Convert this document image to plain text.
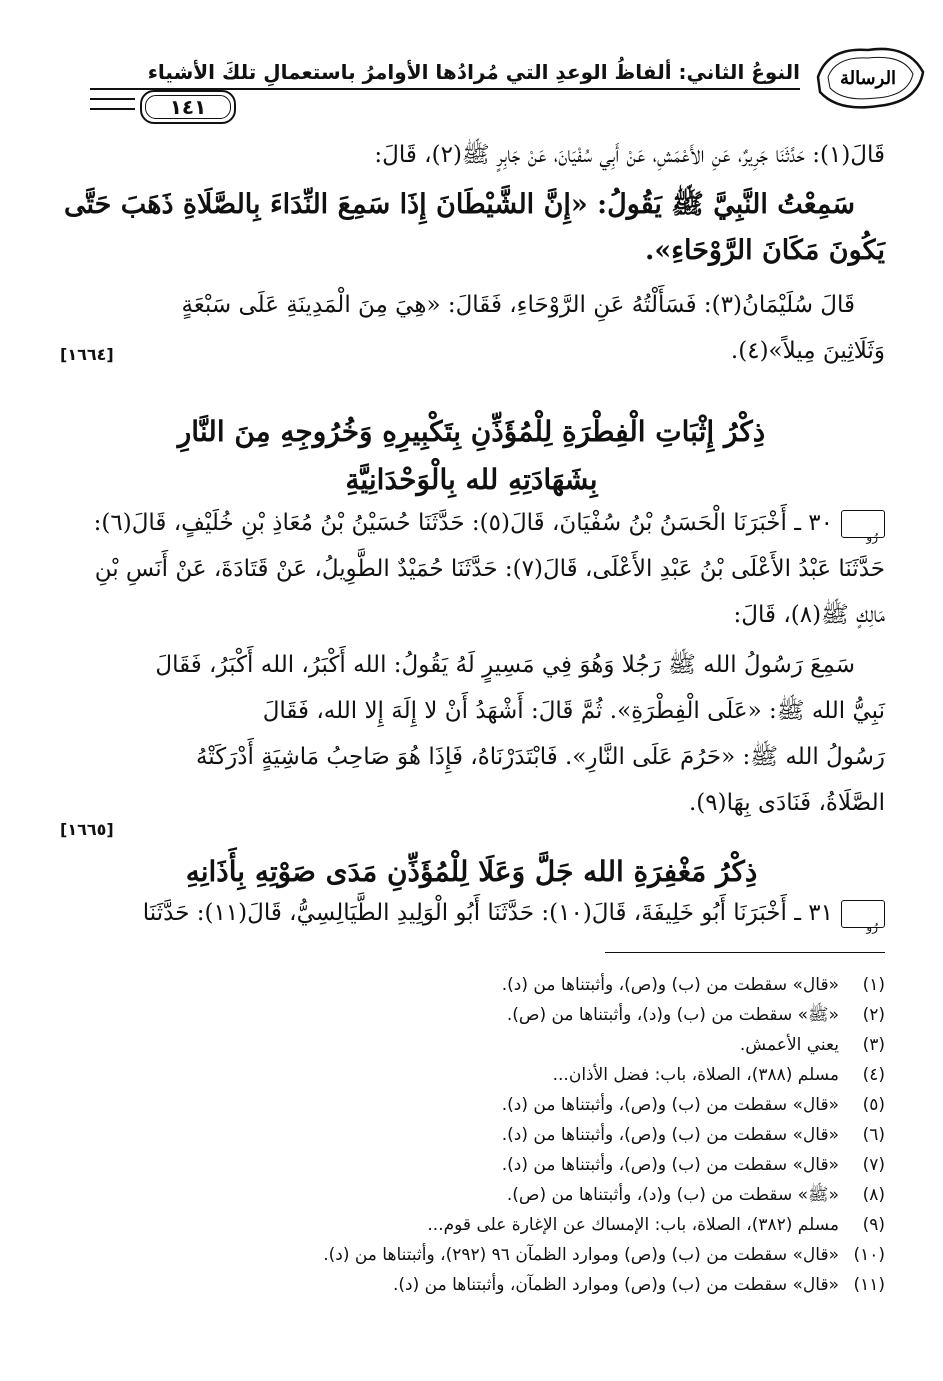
الرسالة
النوعُ الثاني: ألفاظُ الوعدِ التي مُرادُها الأوامرُ باستعمالِ تلكَ الأشياء
١٤١
قَالَ(١): حَدَّثَنَا جَرِيرٌ، عَنِ الأَعْمَشِ، عَنْ أَبِي سُفْيَانَ، عَنْ جَابِرٍ ﷺ(٢)، قَالَ:
سَمِعْتُ النَّبِيَّ ﷺ يَقُولُ: «إِنَّ الشَّيْطَانَ إِذَا سَمِعَ النِّدَاءَ بِالصَّلَاةِ ذَهَبَ حَتَّى
يَكُونَ مَكَانَ الرَّوْحَاءِ».
قَالَ سُلَيْمَانُ(٣): فَسَأَلْتُهُ عَنِ الرَّوْحَاءِ، فَقَالَ: «هِيَ مِنَ الْمَدِينَةِ عَلَى سَبْعَةٍ
وَثَلَاثِينَ مِيلاً»(٤).
[١٦٦٤]
ذِكْرُ إِثْبَاتِ الْفِطْرَةِ لِلْمُؤَذِّنِ بِتَكْبِيرِهِ وَخُرُوجِهِ مِنَ النَّارِ
بِشَهَادَتِهِ لله بِالْوَحْدَانِيَّةِ
رُو
٣٠ ـ أَخْبَرَنَا الْحَسَنُ بْنُ سُفْيَانَ، قَالَ(٥): حَدَّثَنَا حُسَيْنُ بْنُ مُعَاذِ بْنِ خُلَيْفٍ، قَالَ(٦):
حَدَّثَنَا عَبْدُ الأَعْلَى بْنُ عَبْدِ الأَعْلَى، قَالَ(٧): حَدَّثَنَا حُمَيْدٌ الطَّوِيلُ، عَنْ قَتَادَةَ، عَنْ أَنَسِ بْنِ
مَالِكٍ ﷺ(٨)، قَالَ:
سَمِعَ رَسُولُ الله ﷺ رَجُلا وَهُوَ فِي مَسِيرٍ لَهُ يَقُولُ: الله أَكْبَرُ، الله أَكْبَرُ، فَقَالَ
نَبِيُّ الله ﷺ: «عَلَى الْفِطْرَةِ». ثُمَّ قَالَ: أَشْهَدُ أَنْ لا إِلَهَ إِلا الله، فَقَالَ
رَسُولُ الله ﷺ: «حَرُمَ عَلَى النَّارِ». فَابْتَدَرْنَاهُ، فَإِذَا هُوَ صَاحِبُ مَاشِيَةٍ أَدْرَكَتْهُ
الصَّلَاةُ، فَنَادَى بِهَا(٩).
[١٦٦٥]
ذِكْرُ مَغْفِرَةِ الله جَلَّ وَعَلَا لِلْمُؤَذِّنِ مَدَى صَوْتِهِ بِأَذَانِهِ
رُو
٣١ ـ أَخْبَرَنَا أَبُو خَلِيفَةَ، قَالَ(١٠): حَدَّثَنَا أَبُو الْوَلِيدِ الطَّيَالِسِيُّ، قَالَ(١١): حَدَّثَنَا
(١)«قال» سقطت من (ب) و(ص)، وأثبتناها من (د).
(٢)«ﷺ» سقطت من (ب) و(د)، وأثبتناها من (ص).
(٣)يعني الأعمش.
(٤)مسلم (٣٨٨)، الصلاة، باب: فضل الأذان...
(٥)«قال» سقطت من (ب) و(ص)، وأثبتناها من (د).
(٦)«قال» سقطت من (ب) و(ص)، وأثبتناها من (د).
(٧)«قال» سقطت من (ب) و(ص)، وأثبتناها من (د).
(٨)«ﷺ» سقطت من (ب) و(د)، وأثبتناها من (ص).
(٩)مسلم (٣٨٢)، الصلاة، باب: الإمساك عن الإغارة على قوم...
(١٠)«قال» سقطت من (ب) و(ص) وموارد الظمآن ٩٦ (٢٩٢)، وأثبتناها من (د).
(١١)«قال» سقطت من (ب) و(ص) وموارد الظمآن، وأثبتناها من (د).
